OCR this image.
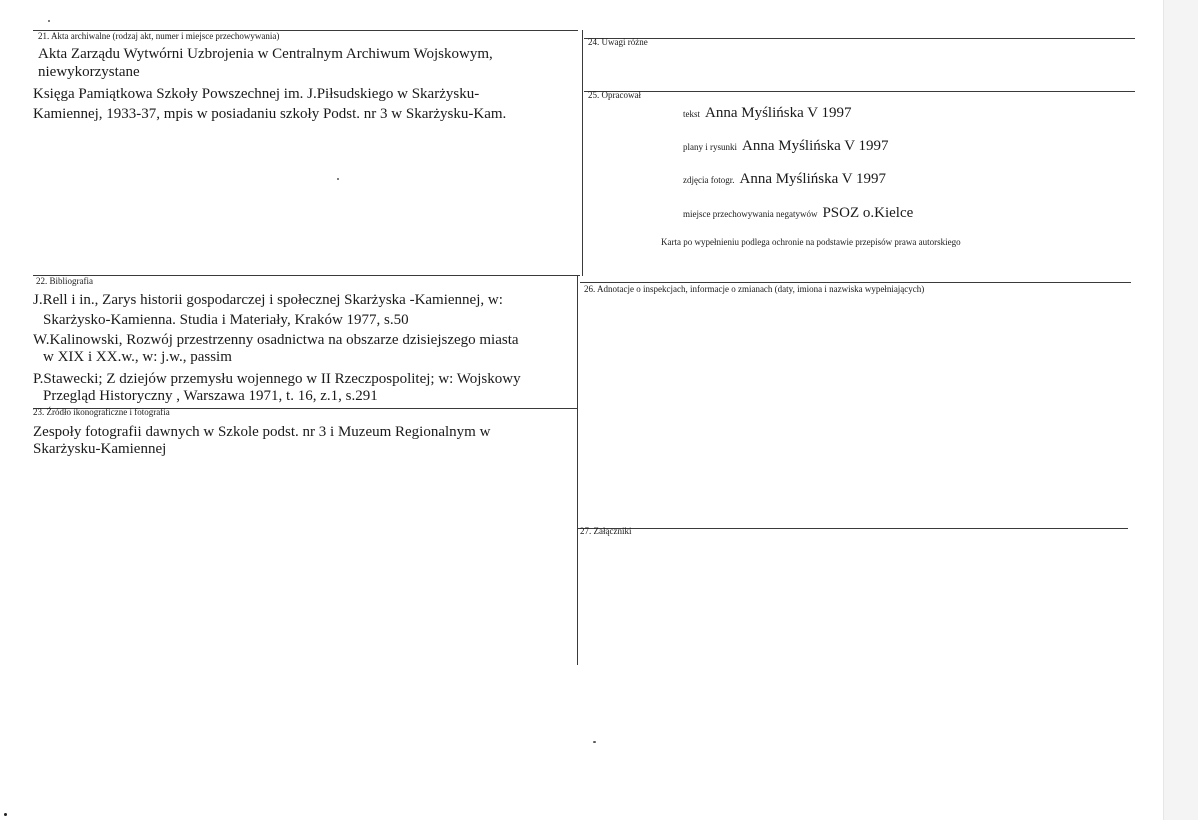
21. Akta archiwalne (rodzaj akt, numer i miejsce przechowywania)
Akta Zarządu Wytwórni Uzbrojenia w Centralnym Archiwum Wojskowym,
niewykorzystane
Księga Pamiątkowa Szkoły Powszechnej im. J.Piłsudskiego w Skarżysku-
Kamiennej, 1933-37, mpis w posiadaniu szkoły Podst. nr 3 w Skarżysku-Kam.
24. Uwagi różne
25. Opracował
tekst Anna Myślińska V 1997
plany i rysunki Anna Myślińska V 1997
zdjęcia fotogr. Anna Myślińska V 1997
miejsce przechowywania negatywów PSOZ o.Kielce
Karta po wypełnieniu podlega ochronie na podstawie przepisów prawa autorskiego
22. Bibliografia
J.Rell i in., Zarys historii gospodarczej i społecznej Skarżyska -Kamiennej, w:
Skarżysko-Kamienna. Studia i Materiały, Kraków 1977, s.50
W.Kalinowski, Rozwój przestrzenny osadnictwa na obszarze dzisiejszego miasta
w XIX i XX.w., w: j.w., passim
P.Stawecki; Z dziejów przemysłu wojennego w II Rzeczpospolitej; w: Wojskowy
Przegląd Historyczny , Warszawa 1971, t. 16, z.1, s.291
23. Źródło ikonograficzne i fotografia
Zespoły fotografii dawnych w Szkole podst. nr 3 i Muzeum Regionalnym w
Skarżysku-Kamiennej
26. Adnotacje o inspekcjach, informacje o zmianach (daty, imiona i nazwiska wypełniających)
27. Załączniki
